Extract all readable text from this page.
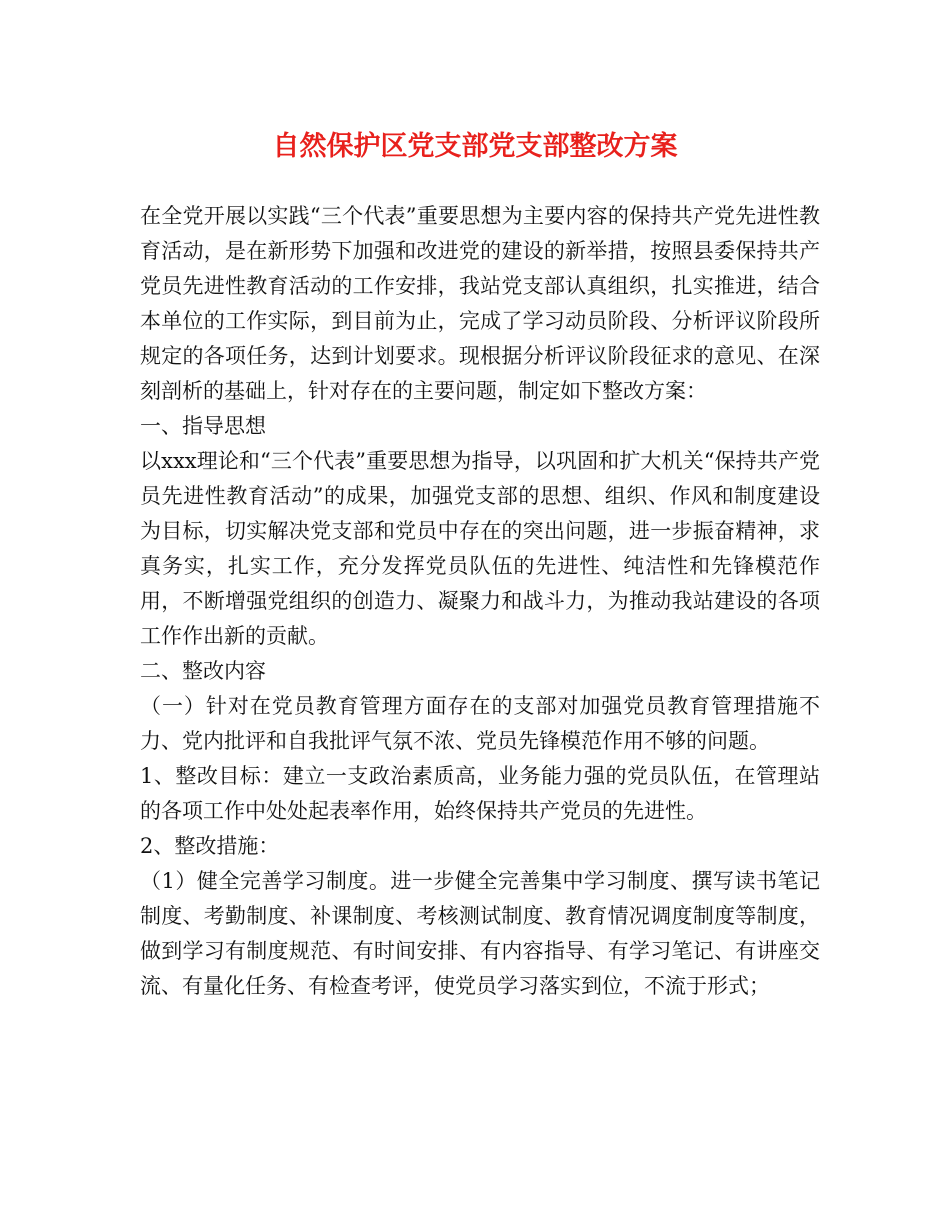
自然保护区党支部党支部整改方案

在全党开展以实践“三个代表”重要思想为主要内容的保持共产党先进性教育活动，是在新形势下加强和改进党的建设的新举措，按照县委保持共产党员先进性教育活动的工作安排，我站党支部认真组织，扎实推进，结合本单位的工作实际，到目前为止，完成了学习动员阶段、分析评议阶段所规定的各项任务，达到计划要求。现根据分析评议阶段征求的意见、在深刻剖析的基础上，针对存在的主要问题，制定如下整改方案：

一、指导思想

以xxx理论和“三个代表”重要思想为指导，以巩固和扩大机关“保持共产党员先进性教育活动”的成果，加强党支部的思想、组织、作风和制度建设为目标，切实解决党支部和党员中存在的突出问题，进一步振奋精神，求真务实，扎实工作，充分发挥党员队伍的先进性、纯洁性和先锋模范作用，不断增强党组织的创造力、凝聚力和战斗力，为推动我站建设的各项工作作出新的贡献。

二、整改内容

（一）针对在党员教育管理方面存在的支部对加强党员教育管理措施不力、党内批评和自我批评气氛不浓、党员先锋模范作用不够的问题。

1、整改目标：建立一支政治素质高，业务能力强的党员队伍，在管理站的各项工作中处处起表率作用，始终保持共产党员的先进性。

2、整改措施：

（1）健全完善学习制度。进一步健全完善集中学习制度、撰写读书笔记制度、考勤制度、补课制度、考核测试制度、教育情况调度制度等制度，做到学习有制度规范、有时间安排、有内容指导、有学习笔记、有讲座交流、有量化任务、有检查考评，使党员学习落实到位，不流于形式；
